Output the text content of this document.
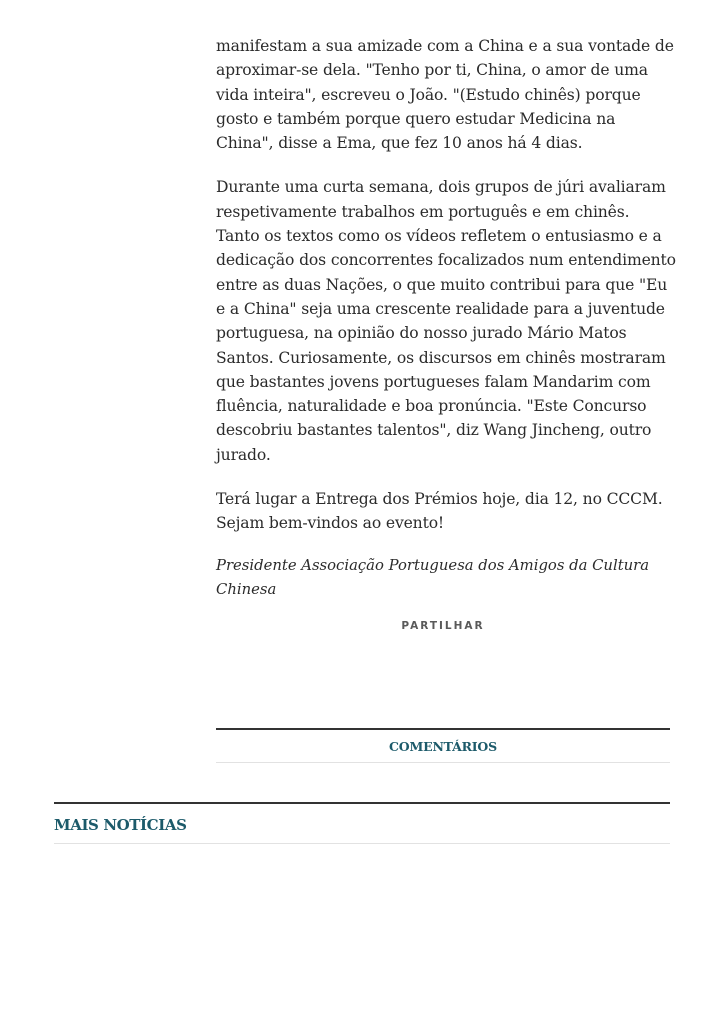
manifestam a sua amizade com a China e a sua vontade de aproximar-se dela. "Tenho por ti, China, o amor de uma vida inteira", escreveu o João. "(Estudo chinês) porque gosto e também porque quero estudar Medicina na China", disse a Ema, que fez 10 anos há 4 dias.

Durante uma curta semana, dois grupos de júri avaliaram respetivamente trabalhos em português e em chinês. Tanto os textos como os vídeos refletem o entusiasmo e a dedicação dos concorrentes focalizados num entendimento entre as duas Nações, o que muito contribui para que "Eu e a China" seja uma crescente realidade para a juventude portuguesa, na opinião do nosso jurado Mário Matos Santos. Curiosamente, os discursos em chinês mostraram que bastantes jovens portugueses falam Mandarim com fluência, naturalidade e boa pronúncia. "Este Concurso descobriu bastantes talentos", diz Wang Jincheng, outro jurado.

Terá lugar a Entrega dos Prémios hoje, dia 12, no CCCM. Sejam bem-vindos ao evento!

Presidente Associação Portuguesa dos Amigos da Cultura Chinesa

PARTILHAR
COMENTÁRIOS
MAIS NOTÍCIAS
